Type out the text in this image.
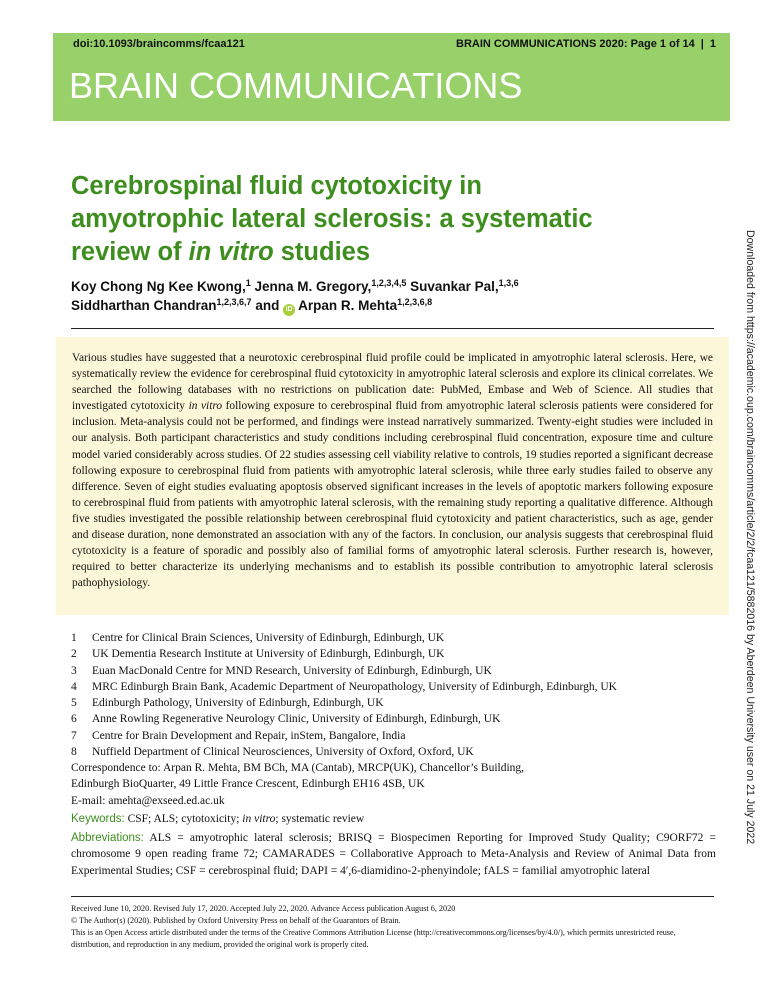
doi:10.1093/braincomms/fcaa121	BRAIN COMMUNICATIONS 2020: Page 1 of 14 | 1
BRAIN COMMUNICATIONS
Cerebrospinal fluid cytotoxicity in
amyotrophic lateral sclerosis: a systematic
review of in vitro studies
Koy Chong Ng Kee Kwong,$^1$ Jenna M. Gregory,$^{1,2,3,4,5}$ Suvankar Pal,$^{1,3,6}$
Siddharthan Chandran$^{1,2,3,6,7}$ and iD Arpan R. Mehta$^{1,2,3,6,8}$

Various studies have suggested that a neurotoxic cerebrospinal fluid profile could be implicated in amyotrophic lateral sclerosis. Here, we systematically review the evidence for cerebrospinal fluid cytotoxicity in amyotrophic lateral sclerosis and explore its clinical correlates. We searched the following databases with no restrictions on publication date: PubMed, Embase and Web of Science. All studies that investigated cytotoxicity in vitro following exposure to cerebrospinal fluid from amyotrophic lateral sclerosis patients were considered for inclusion. Meta-analysis could not be performed, and findings were instead narratively summarized. Twenty-eight studies were included in our analysis. Both participant characteristics and study conditions including cerebrospinal fluid concentration, exposure time and culture model varied considerably across studies. Of 22 studies assessing cell viability relative to controls, 19 studies reported a significant decrease following exposure to cerebrospinal fluid from patients with amyotrophic lateral sclerosis, while three early studies failed to observe any difference. Seven of eight studies evaluating apoptosis observed significant increases in the levels of apoptotic markers following exposure to cerebrospinal fluid from patients with amyotrophic lateral sclerosis, with the remaining study reporting a qualitative difference. Although five studies investigated the possible relationship between cerebrospinal fluid cytotoxicity and patient characteristics, such as age, gender and disease duration, none demonstrated an association with any of the factors. In conclusion, our analysis suggests that cerebrospinal fluid cytotoxicity is a feature of sporadic and possibly also of familial forms of amyotrophic lateral sclerosis. Further research is, however, required to better characterize its underlying mechanisms and to establish its possible contribution to amyotrophic lateral sclerosis pathophysiology.

1	Centre for Clinical Brain Sciences, University of Edinburgh, Edinburgh, UK
2	UK Dementia Research Institute at University of Edinburgh, Edinburgh, UK
3	Euan MacDonald Centre for MND Research, University of Edinburgh, Edinburgh, UK
4	MRC Edinburgh Brain Bank, Academic Department of Neuropathology, University of Edinburgh, Edinburgh, UK
5	Edinburgh Pathology, University of Edinburgh, Edinburgh, UK
6	Anne Rowling Regenerative Neurology Clinic, University of Edinburgh, Edinburgh, UK
7	Centre for Brain Development and Repair, inStem, Bangalore, India
8	Nuffield Department of Clinical Neurosciences, University of Oxford, Oxford, UK
Correspondence to: Arpan R. Mehta, BM BCh, MA (Cantab), MRCP(UK), Chancellor’s Building,
Edinburgh BioQuarter, 49 Little France Crescent, Edinburgh EH16 4SB, UK
E-mail: amehta@exseed.ed.ac.uk
Keywords: CSF; ALS; cytotoxicity; in vitro; systematic review
Abbreviations: ALS = amyotrophic lateral sclerosis; BRISQ = Biospecimen Reporting for Improved Study Quality; C9ORF72 = chromosome 9 open reading frame 72; CAMARADES = Collaborative Approach to Meta-Analysis and Review of Animal Data from Experimental Studies; CSF = cerebrospinal fluid; DAPI = 4′,6-diamidino-2-phenyindole; fALS = familial amyotrophic lateral
Received June 10, 2020. Revised July 17, 2020. Accepted July 22, 2020. Advance Access publication August 6, 2020
© The Author(s) (2020). Published by Oxford University Press on behalf of the Guarantors of Brain.
This is an Open Access article distributed under the terms of the Creative Commons Attribution License (http://creativecommons.org/licenses/by/4.0/), which permits unrestricted reuse, distribution, and reproduction in any medium, provided the original work is properly cited.
Downloaded from https://academic.oup.com/braincomms/article/2/2/fcaa121/5882016 by Aberdeen University user on 21 July 2022
